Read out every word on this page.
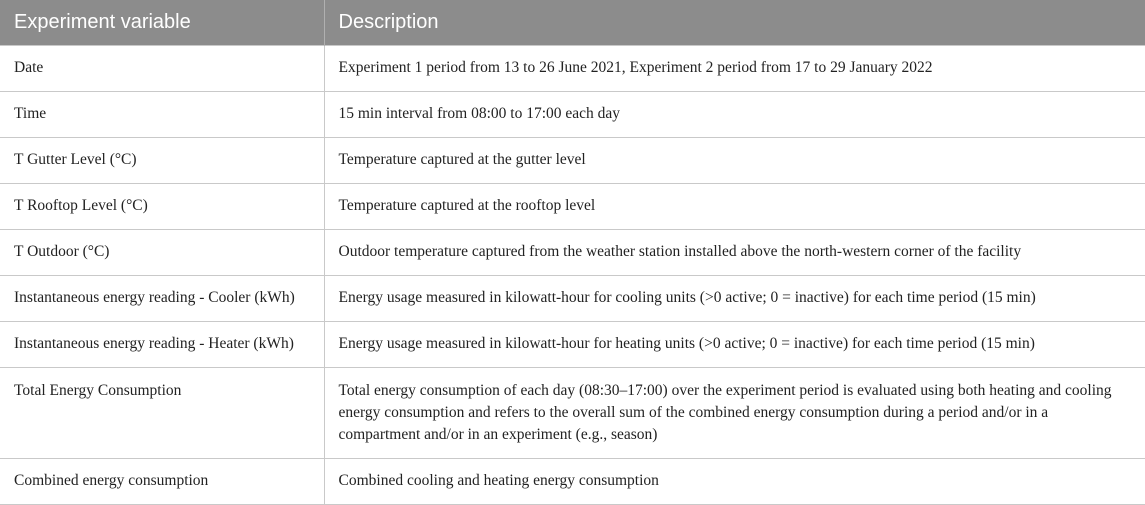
Experiment variable	Description
Date	Experiment 1 period from 13 to 26 June 2021, Experiment 2 period from 17 to 29 January 2022
Time	15 min interval from 08:00 to 17:00 each day
T Gutter Level (°C)	Temperature captured at the gutter level
T Rooftop Level (°C)	Temperature captured at the rooftop level
T Outdoor (°C)	Outdoor temperature captured from the weather station installed above the north-western corner of the facility
Instantaneous energy reading - Cooler (kWh)	Energy usage measured in kilowatt-hour for cooling units (>0 active; 0 = inactive) for each time period (15 min)
Instantaneous energy reading - Heater (kWh)	Energy usage measured in kilowatt-hour for heating units (>0 active; 0 = inactive) for each time period (15 min)
Total Energy Consumption	Total energy consumption of each day (08:30–17:00) over the experiment period is evaluated using both heating and cooling energy consumption and refers to the overall sum of the combined energy consumption during a period and/or in a compartment and/or in an experiment (e.g., season)
Combined energy consumption	Combined cooling and heating energy consumption
